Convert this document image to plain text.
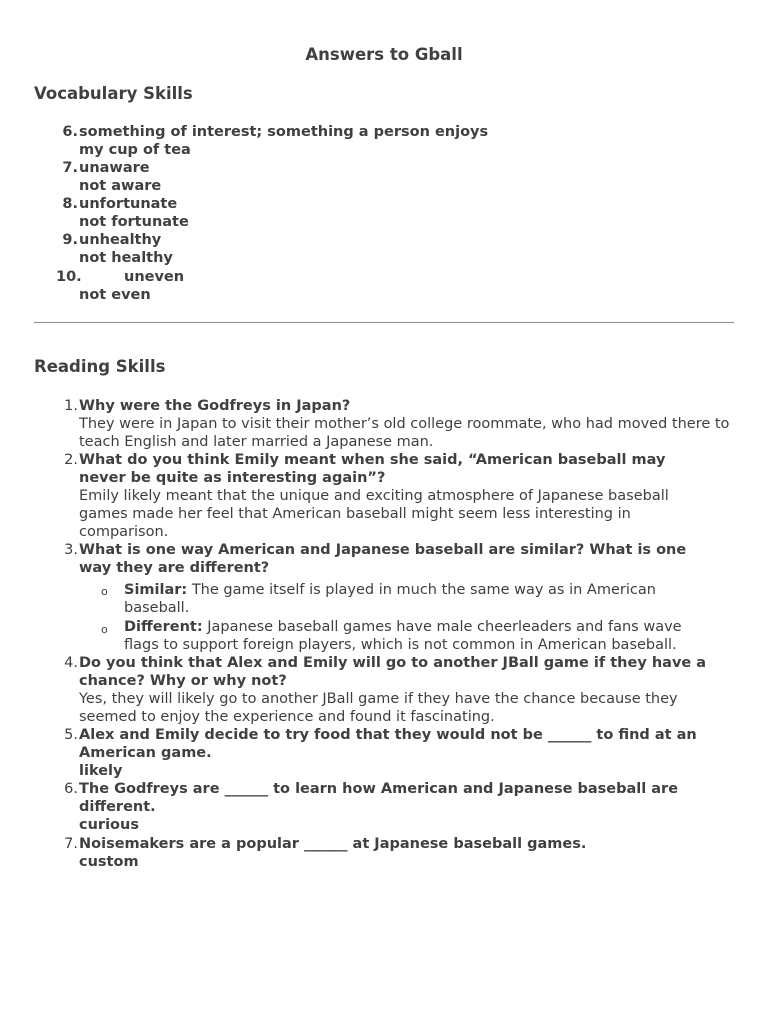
Answers to Gball
Vocabulary Skills
6. something of interest; something a person enjoys
my cup of tea
7. unaware
not aware
8. unfortunate
not fortunate
9. unhealthy
not healthy
10.	uneven
not even
Reading Skills
1. Why were the Godfreys in Japan?
They were in Japan to visit their mother’s old college roommate, who had moved there to teach English and later married a Japanese man.
2. What do you think Emily meant when she said, “American baseball may never be quite as interesting again”?
Emily likely meant that the unique and exciting atmosphere of Japanese baseball games made her feel that American baseball might seem less interesting in comparison.
3. What is one way American and Japanese baseball are similar? What is one way they are different?
o Similar: The game itself is played in much the same way as in American baseball.
o Different: Japanese baseball games have male cheerleaders and fans wave flags to support foreign players, which is not common in American baseball.
4. Do you think that Alex and Emily will go to another JBall game if they have a chance? Why or why not?
Yes, they will likely go to another JBall game if they have the chance because they seemed to enjoy the experience and found it fascinating.
5. Alex and Emily decide to try food that they would not be ______ to find at an American game.
likely
6. The Godfreys are ______ to learn how American and Japanese baseball are different.
curious
7. Noisemakers are a popular ______ at Japanese baseball games.
custom
